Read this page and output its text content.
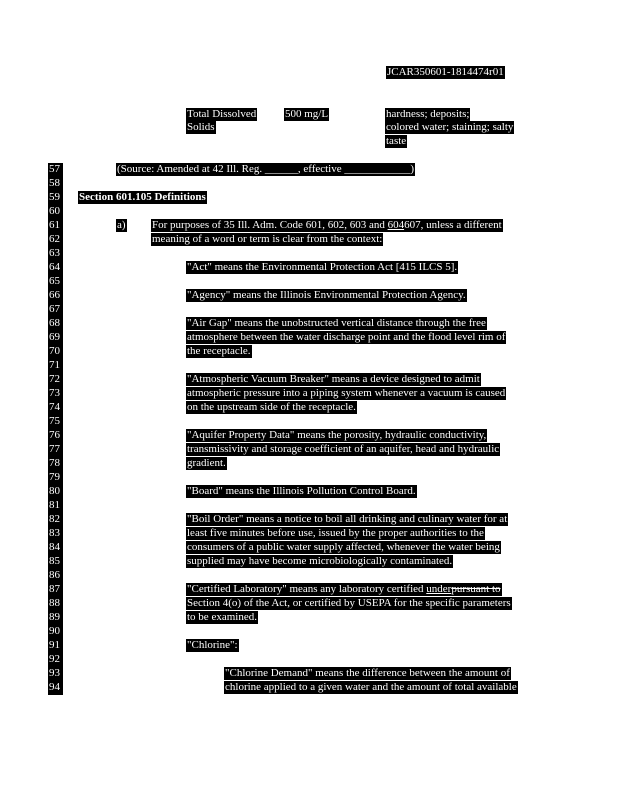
JCAR350601-1814474r01
Total Dissolved
Solids
500 mg/L	hardness; deposits;
colored water; staining; salty
taste
57
58
59
60
61
62
63
64
65
66
67
68
69
70
71
72
73
74
75
76
77
78
79
80
81
82
83
84
85
86
87
88
89
90
91
92
93
94
(Source: Amended at 42 Ill. Reg. ______, effective ____________)
Section 601.105 Definitions
a) For purposes of 35 Ill. Adm. Code 601, 602, 603 and 604607, unless a different
meaning of a word or term is clear from the context:
"Act" means the Environmental Protection Act [415 ILCS 5].
"Agency" means the Illinois Environmental Protection Agency.
"Air Gap" means the unobstructed vertical distance through the free
atmosphere between the water discharge point and the flood level rim of
the receptacle.
"Atmospheric Vacuum Breaker" means a device designed to admit
atmospheric pressure into a piping system whenever a vacuum is caused
on the upstream side of the receptacle.
"Aquifer Property Data" means the porosity, hydraulic conductivity,
transmissivity and storage coefficient of an aquifer, head and hydraulic
gradient.
"Board" means the Illinois Pollution Control Board.
"Boil Order" means a notice to boil all drinking and culinary water for at
least five minutes before use, issued by the proper authorities to the
consumers of a public water supply affected, whenever the water being
supplied may have become microbiologically contaminated.
"Certified Laboratory" means any laboratory certified underpursuant to
Section 4(o) of the Act, or certified by USEPA for the specific parameters
to be examined.
"Chlorine":
"Chlorine Demand" means the difference between the amount of
chlorine applied to a given water and the amount of total available
